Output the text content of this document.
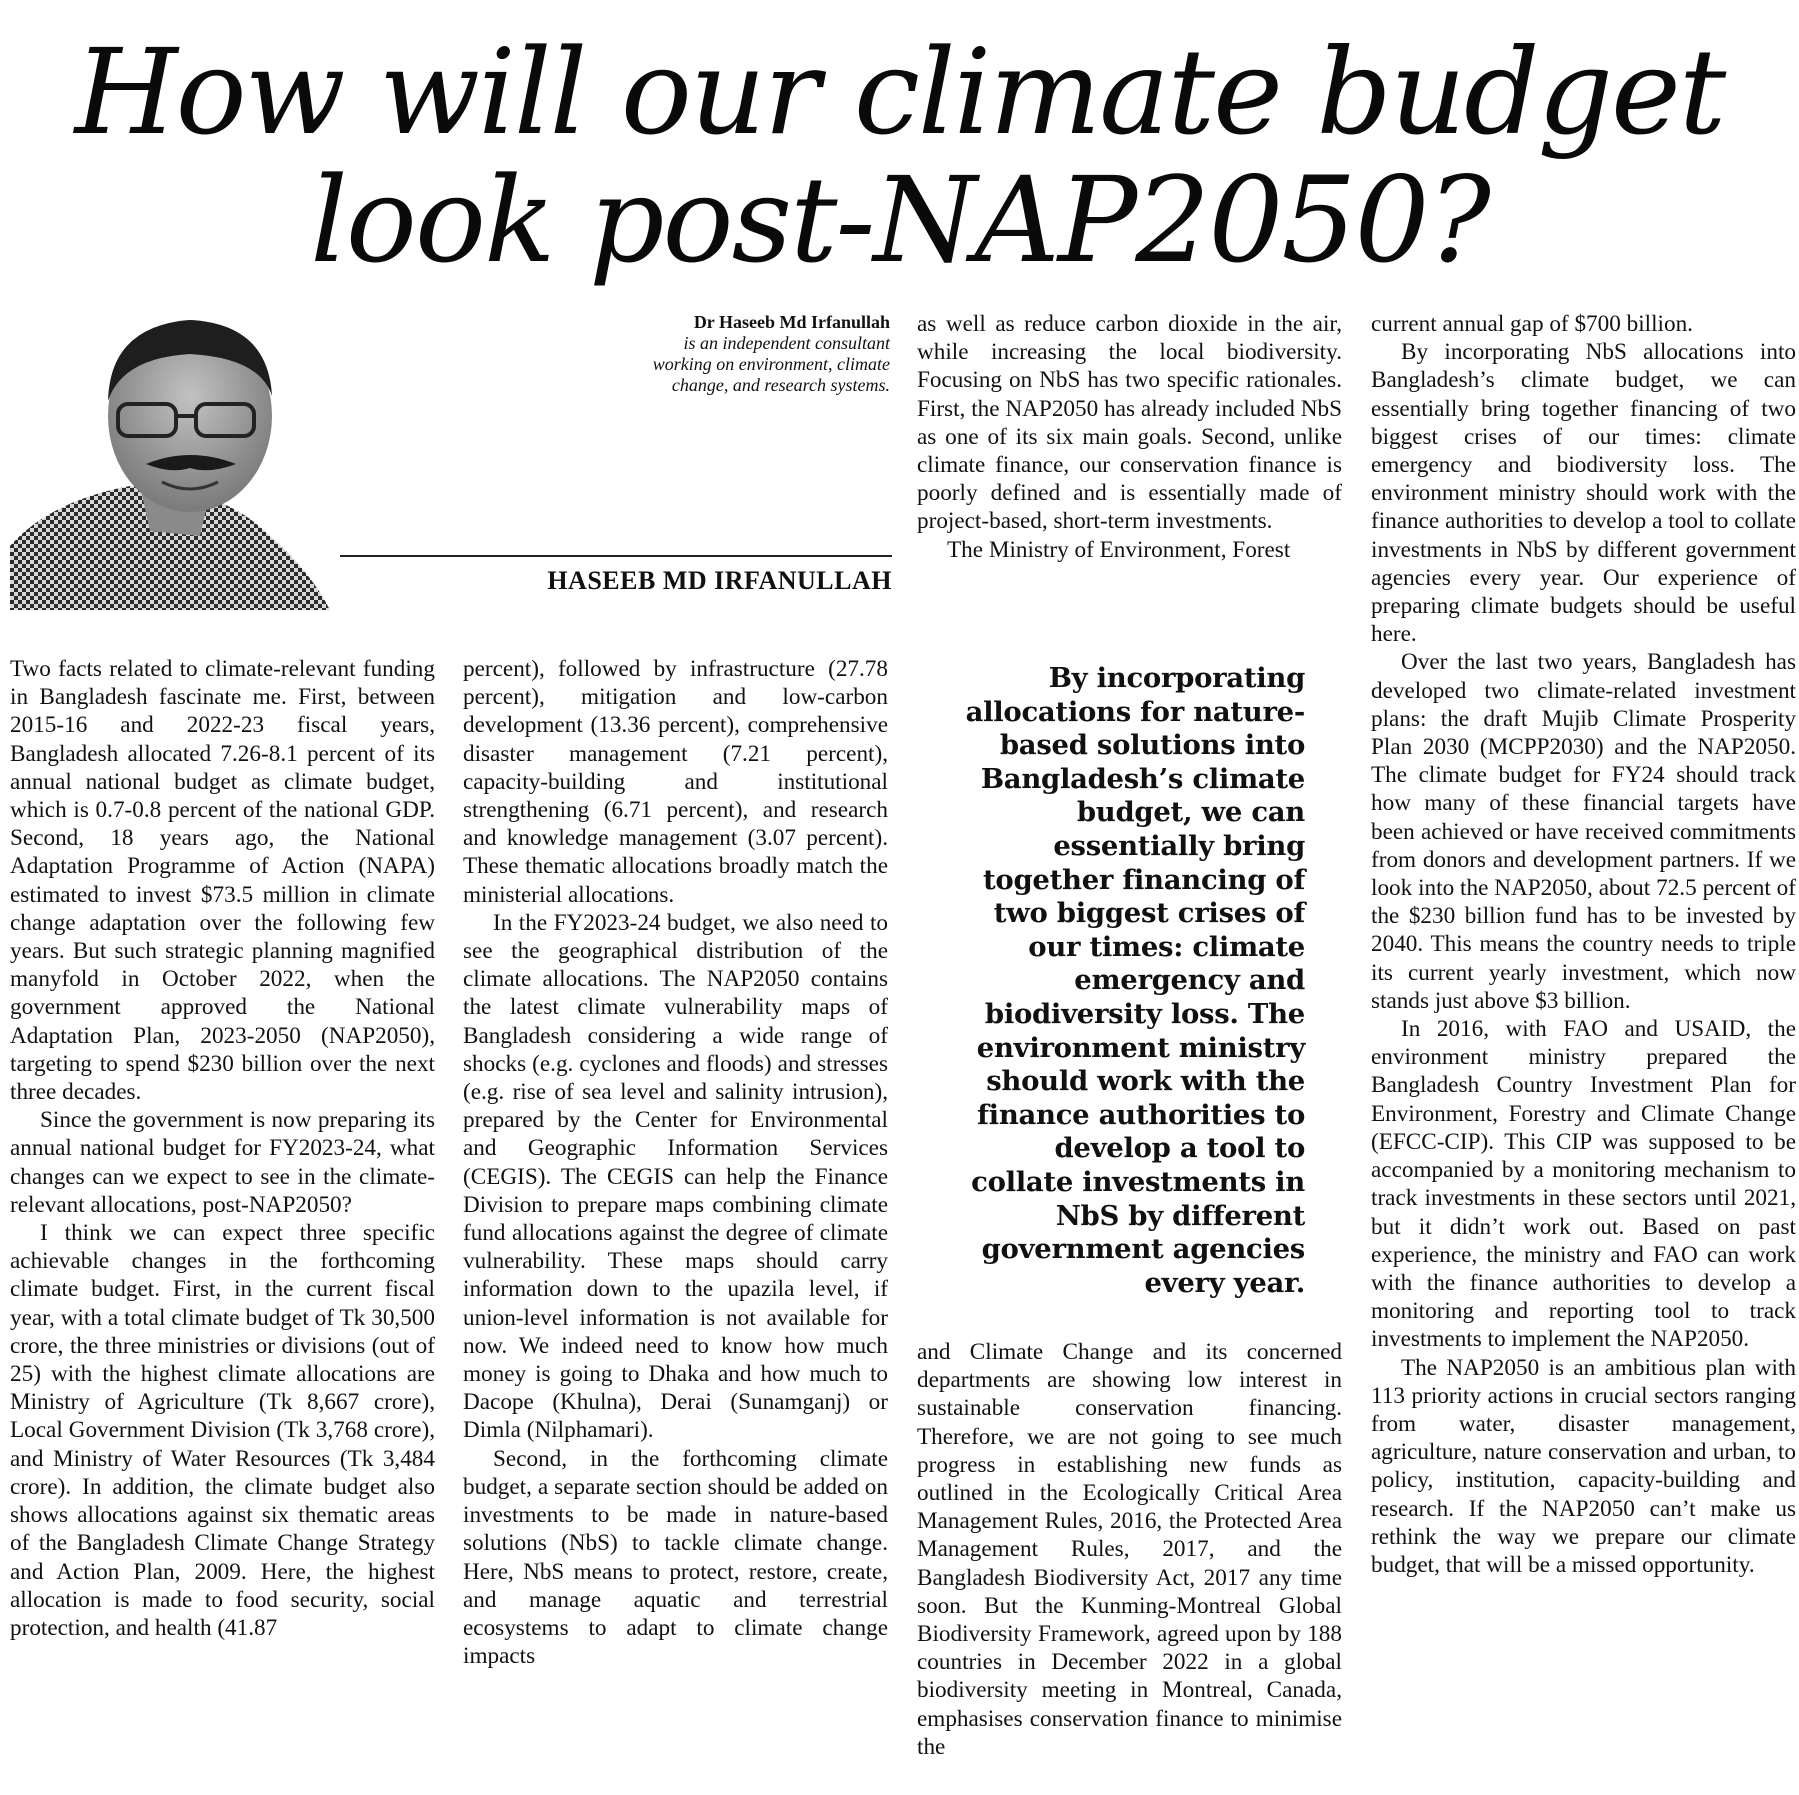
How will our climate budget
look post-NAP2050?
Dr Haseeb Md Irfanullah
is an independent consultant
working on environment, climate
change, and research systems.
HASEEB MD IRFANULLAH

Two facts related to climate-relevant funding in Bangladesh fascinate me. First, between 2015-16 and 2022-23 fiscal years, Bangladesh allocated 7.26-8.1 percent of its annual national budget as climate budget, which is 0.7-0.8 percent of the national GDP. Second, 18 years ago, the National Adaptation Programme of Action (NAPA) estimated to invest $73.5 million in climate change adaptation over the following few years. But such strategic planning magnified manyfold in October 2022, when the government approved the National Adaptation Plan, 2023-2050 (NAP2050), targeting to spend $230 billion over the next three decades.

Since the government is now preparing its annual national budget for FY2023-24, what changes can we expect to see in the climate-relevant allocations, post-NAP2050?

I think we can expect three specific achievable changes in the forthcoming climate budget. First, in the current fiscal year, with a total climate budget of Tk 30,500 crore, the three ministries or divisions (out of 25) with the highest climate allocations are Ministry of Agriculture (Tk 8,667 crore), Local Government Division (Tk 3,768 crore), and Ministry of Water Resources (Tk 3,484 crore). In addition, the climate budget also shows allocations against six thematic areas of the Bangladesh Climate Change Strategy and Action Plan, 2009. Here, the highest allocation is made to food security, social protection, and health (41.87

percent), followed by infrastructure (27.78 percent), mitigation and low-carbon development (13.36 percent), comprehensive disaster management (7.21 percent), capacity-building and institutional strengthening (6.71 percent), and research and knowledge management (3.07 percent). These thematic allocations broadly match the ministerial allocations.

In the FY2023-24 budget, we also need to see the geographical distribution of the climate allocations. The NAP2050 contains the latest climate vulnerability maps of Bangladesh considering a wide range of shocks (e.g. cyclones and floods) and stresses (e.g. rise of sea level and salinity intrusion), prepared by the Center for Environmental and Geographic Information Services (CEGIS). The CEGIS can help the Finance Division to prepare maps combining climate fund allocations against the degree of climate vulnerability. These maps should carry information down to the upazila level, if union-level information is not available for now. We indeed need to know how much money is going to Dhaka and how much to Dacope (Khulna), Derai (Sunamganj) or Dimla (Nilphamari).

Second, in the forthcoming climate budget, a separate section should be added on investments to be made in nature-based solutions (NbS) to tackle climate change. Here, NbS means to protect, restore, create, and manage aquatic and terrestrial ecosystems to adapt to climate change impacts

as well as reduce carbon dioxide in the air, while increasing the local biodiversity. Focusing on NbS has two specific rationales. First, the NAP2050 has already included NbS as one of its six main goals. Second, unlike climate finance, our conservation finance is poorly defined and is essentially made of project-based, short-term investments.

The Ministry of Environment, Forest

By incorporating allocations for nature-based solutions into Bangladesh’s climate budget, we can essentially bring together financing of two biggest crises of our times: climate emergency and biodiversity loss. The environment ministry should work with the finance authorities to develop a tool to collate investments in NbS by different government agencies every year.

and Climate Change and its concerned departments are showing low interest in sustainable conservation financing. Therefore, we are not going to see much progress in establishing new funds as outlined in the Ecologically Critical Area Management Rules, 2016, the Protected Area Management Rules, 2017, and the Bangladesh Biodiversity Act, 2017 any time soon. But the Kunming-Montreal Global Biodiversity Framework, agreed upon by 188 countries in December 2022 in a global biodiversity meeting in Montreal, Canada, emphasises conservation finance to minimise the

current annual gap of $700 billion.

By incorporating NbS allocations into Bangladesh’s climate budget, we can essentially bring together financing of two biggest crises of our times: climate emergency and biodiversity loss. The environment ministry should work with the finance authorities to develop a tool to collate investments in NbS by different government agencies every year. Our experience of preparing climate budgets should be useful here.

Over the last two years, Bangladesh has developed two climate-related investment plans: the draft Mujib Climate Prosperity Plan 2030 (MCPP2030) and the NAP2050. The climate budget for FY24 should track how many of these financial targets have been achieved or have received commitments from donors and development partners. If we look into the NAP2050, about 72.5 percent of the $230 billion fund has to be invested by 2040. This means the country needs to triple its current yearly investment, which now stands just above $3 billion.

In 2016, with FAO and USAID, the environment ministry prepared the Bangladesh Country Investment Plan for Environment, Forestry and Climate Change (EFCC-CIP). This CIP was supposed to be accompanied by a monitoring mechanism to track investments in these sectors until 2021, but it didn’t work out. Based on past experience, the ministry and FAO can work with the finance authorities to develop a monitoring and reporting tool to track investments to implement the NAP2050.

The NAP2050 is an ambitious plan with 113 priority actions in crucial sectors ranging from water, disaster management, agriculture, nature conservation and urban, to policy, institution, capacity-building and research. If the NAP2050 can’t make us rethink the way we prepare our climate budget, that will be a missed opportunity.
